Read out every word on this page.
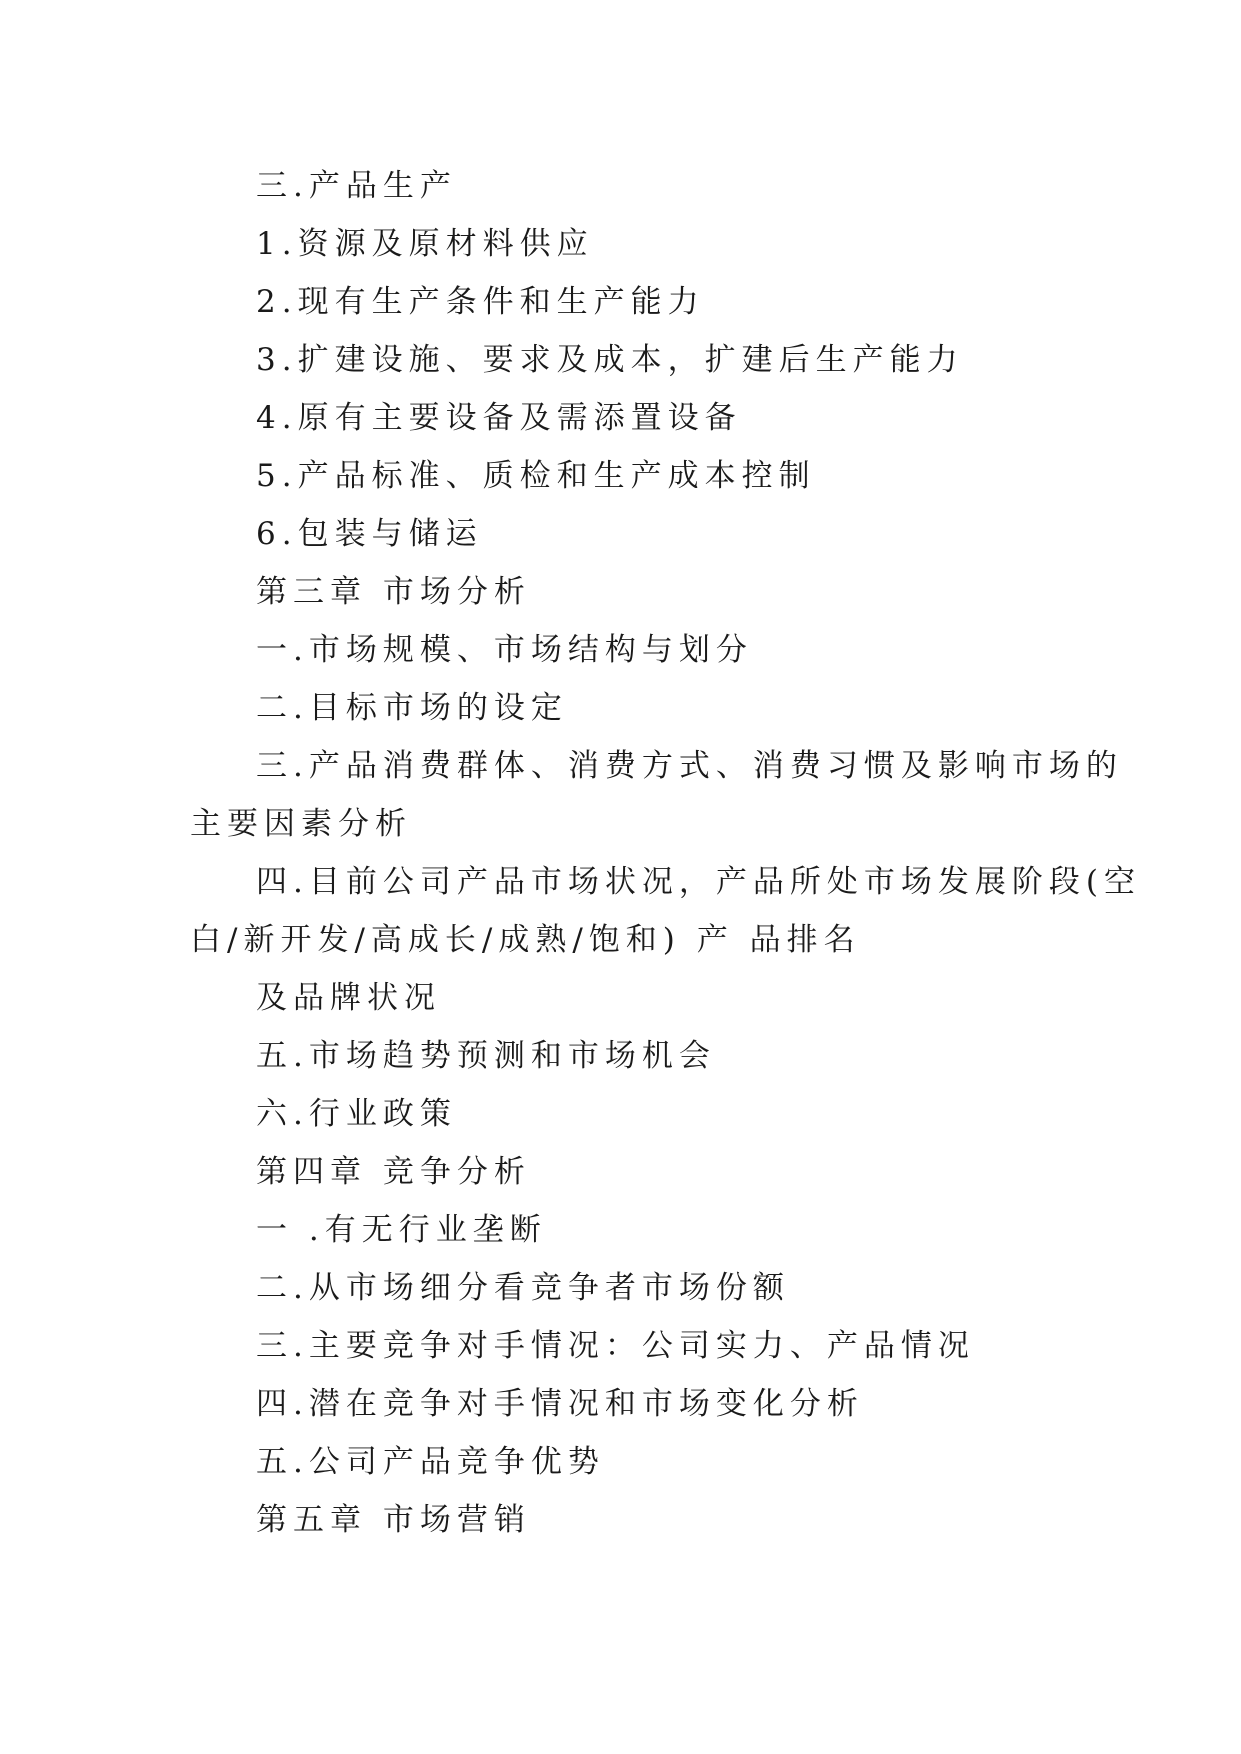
三.产品生产
1.资源及原材料供应
2.现有生产条件和生产能力
3.扩建设施、要求及成本，扩建后生产能力
4.原有主要设备及需添置设备
5.产品标准、质检和生产成本控制
6.包装与储运
第三章 市场分析
一.市场规模、市场结构与划分
二.目标市场的设定
三.产品消费群体、消费方式、消费习惯及影响市场的
主要因素分析
四.目前公司产品市场状况，产品所处市场发展阶段(空
白/新开发/高成长/成熟/饱和) 产 品排名
及品牌状况
五.市场趋势预测和市场机会
六.行业政策
第四章 竞争分析
一 .有无行业垄断
二.从市场细分看竞争者市场份额
三.主要竞争对手情况：公司实力、产品情况
四.潜在竞争对手情况和市场变化分析
五.公司产品竞争优势
第五章 市场营销
